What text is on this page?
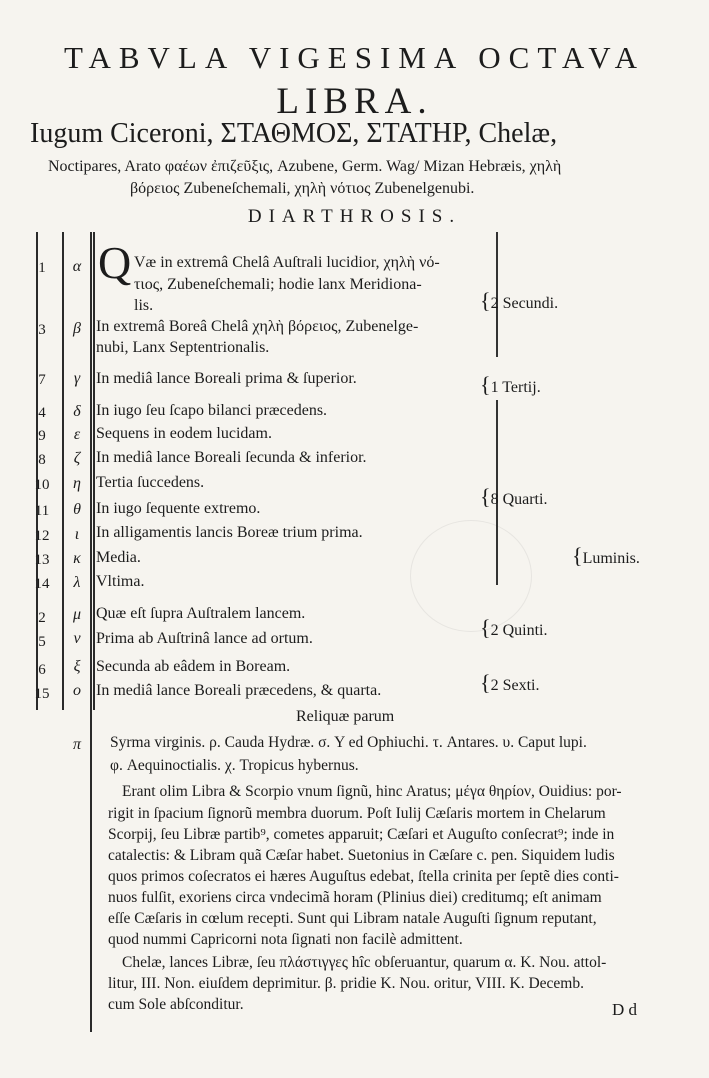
TABVLA VIGESIMA OCTAVA
LIBRA.
Iugum Ciceroni, ΣΤΑΘΜΟΣ, ΣΤΑΤΗΡ, Chelæ,
Noctipares, Arato φαέων ἐπιζεῦξις, Azubene, Germ. Wag/ Mizan Hebræis, χηλὴ
βόρειος Zubeneſchemali, χηλὴ νότιος Zubenelgenubi.
DIARTHROSIS.
1	α Q Væ in extremâ Chelâ Auſtrali lucidior, χηλὴ νό-
τιος, Zubeneſchemali; hodie lanx Meridiona-
lis.
3	β In extremâ Boreâ Chelâ χηλὴ βόρειος, Zubenelge-
nubi, Lanx Septentrionalis.
7	γ In mediâ lance Boreali prima & ſuperior.
4	δ In iugo ſeu ſcapo bilanci præcedens.
9	ε Sequens in eodem lucidam.
8	ζ In mediâ lance Boreali ſecunda & inferior.
10	η Tertia ſuccedens.
11	θ In iugo ſequente extremo.
12	ι	In alligamentis lancis Boreæ trium prima.
13	κ Media.
14	λ Vltima.
2	μ Quæ eſt ſupra Auſtralem lancem.
5	ν Prima ab Auſtrinâ lance ad ortum.
6	ξ Secunda ab eâdem in Boream.
15	ο In mediâ lance Boreali præcedens, & quarta.
{2 Secundi.
{1 Tertij.
{8 Quarti.
{Luminis.
{2 Quinti.
{2 Sexti.
Reliquæ parum
π	Syrma virginis. ρ. Cauda Hydræ. σ. Y ed Ophiuchi. τ. Antares. υ. Caput lupi.
φ. Aequinoctialis. χ. Tropicus hybernus.
Erant olim Libra & Scorpio vnum ſignũ, hinc Aratus; μέγα θηρίον, Ouidius: por-
rigit in ſpacium ſignorũ membra duorum. Poſt Iulij Cæſaris mortem in Chelarum
Scorpij, ſeu Libræ partib⁹, cometes apparuit; Cæſari et Auguſto conſecrat⁹; inde in
catalectis: & Libram quã Cæſar habet. Suetonius in Cæſare c. pen. Siquidem ludis
quos primos coſecratos ei hæres Auguſtus edebat, ſtella crinita per ſeptẽ dies conti-
nuos fulſit, exoriens circa vndecimã horam (Plinius diei) creditumq; eſt animam
eſſe Cæſaris in cœlum recepti. Sunt qui Libram natale Auguſti ſignum reputant,
quod nummi Capricorni nota ſignati non facilè admittent.
Chelæ, lances Libræ, ſeu πλάστιγγες hîc obſeruantur, quarum α. K. Nou. attol-
litur, III. Non. eiuſdem deprimitur. β. pridie K. Nou. oritur, VIII. K. Decemb.
cum Sole abſconditur.	D d
